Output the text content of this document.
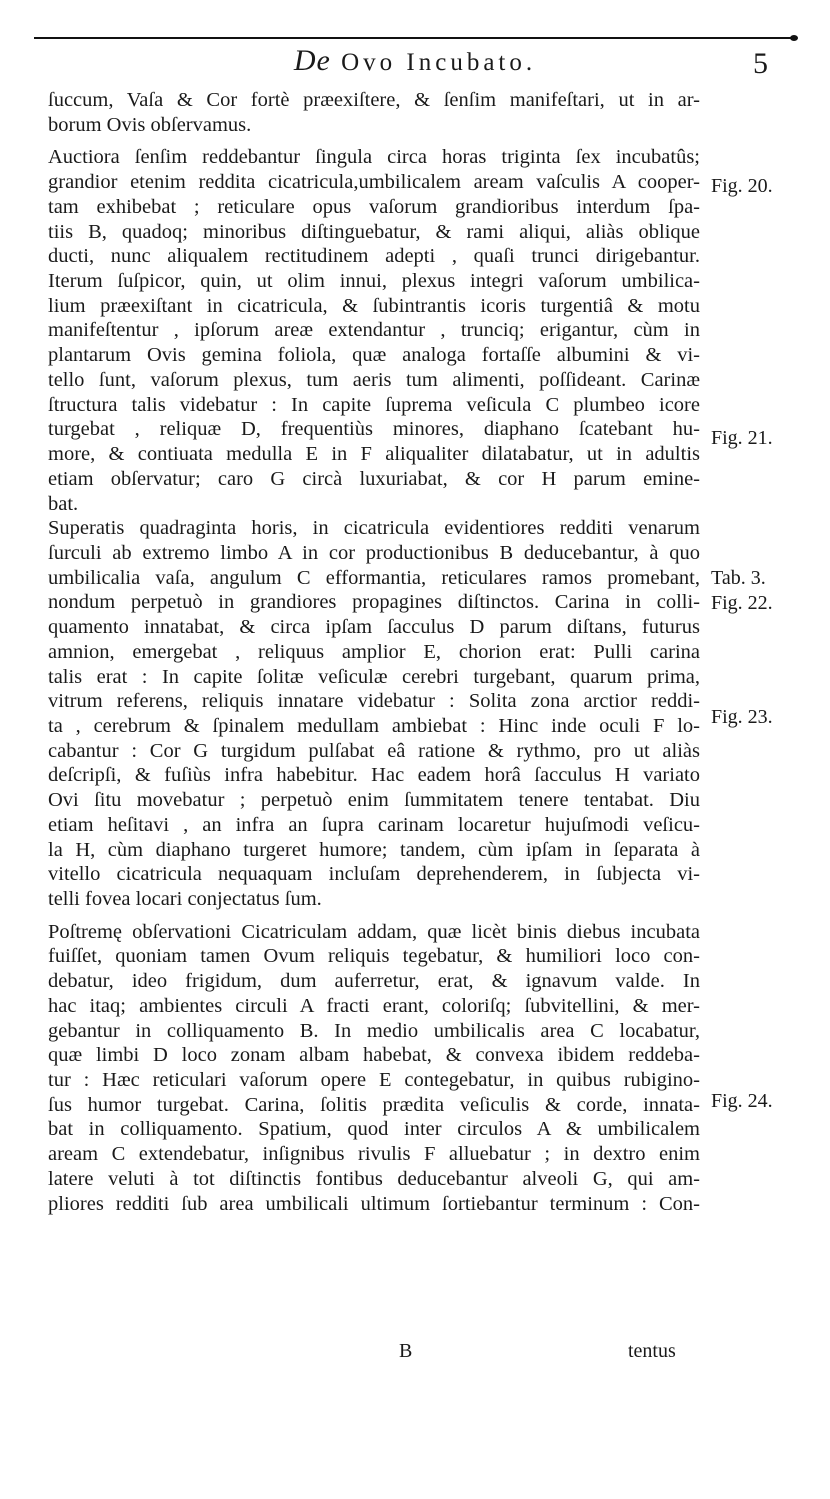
De Ovo Incubato.	5
ſuccum, Vaſa & Cor fortè præexiſtere, & ſenſim manifeſtari, ut in ar-
borum Ovis obſervamus.
Auctiora ſenſim reddebantur ſingula circa horas triginta ſex incubatûs;
grandior etenim reddita cicatricula,umbilicalem aream vaſculis A cooper-
tam exhibebat ; reticulare opus vaſorum grandioribus interdum ſpa-
tiis B, quadoq; minoribus diſtinguebatur, & rami aliqui, aliàs oblique
ducti, nunc aliqualem rectitudinem adepti , quaſi trunci dirigebantur.
Iterum ſuſpicor, quin, ut olim innui, plexus integri vaſorum umbilica-
lium præexiſtant in cicatricula, & ſubintrantis icoris turgentiâ & motu
manifeſtentur , ipſorum areæ extendantur , trunciq; erigantur, cùm in
plantarum Ovis gemina foliola, quæ analoga fortaſſe albumini & vi-
tello ſunt, vaſorum plexus, tum aeris tum alimenti, poſſideant. Carinæ
ſtructura talis videbatur : In capite ſuprema veſicula C plumbeo icore
turgebat , reliquæ D, frequentiùs minores, diaphano ſcatebant hu-
more, & contiuata medulla E in F aliqualiter dilatabatur, ut in adultis
etiam obſervatur; caro G circà luxuriabat, & cor H parum emine-
bat.
Superatis quadraginta horis, in cicatricula evidentiores redditi venarum
ſurculi ab extremo limbo A in cor productionibus B deducebantur, à quo
umbilicalia vaſa, angulum C efformantia, reticulares ramos promebant,
nondum perpetuò in grandiores propagines diſtinctos. Carina in colli-
quamento innatabat, & circa ipſam ſacculus D parum diſtans, futurus
amnion, emergebat , reliquus amplior E, chorion erat: Pulli carina
talis erat : In capite ſolitæ veſiculæ cerebri turgebant, quarum prima,
vitrum referens, reliquis innatare videbatur : Solita zona arctior reddi-
ta , cerebrum & ſpinalem medullam ambiebat : Hinc inde oculi F lo-
cabantur : Cor G turgidum pulſabat eâ ratione & rythmo, pro ut aliàs
deſcripſi, & fuſiùs infra habebitur. Hac eadem horâ ſacculus H variato
Ovi ſitu movebatur ; perpetuò enim ſummitatem tenere tentabat. Diu
etiam heſitavi , an infra an ſupra carinam locaretur hujuſmodi veſicu-
la H, cùm diaphano turgeret humore; tandem, cùm ipſam in ſeparata à
vitello cicatricula nequaquam incluſam deprehenderem, in ſubjecta vi-
telli fovea locari conjectatus ſum.
Poſtremę obſervationi Cicatriculam addam, quæ licèt binis diebus incubata
fuiſſet, quoniam tamen Ovum reliquis tegebatur, & humiliori loco con-
debatur, ideo frigidum, dum auferretur, erat, & ignavum valde. In
hac itaq; ambientes circuli A fracti erant, coloriſq; ſubvitellini, & mer-
gebantur in colliquamento B. In medio umbilicalis area C locabatur,
quæ limbi D loco zonam albam habebat, & convexa ibidem reddeba-
tur : Hæc reticulari vaſorum opere E contegebatur, in quibus rubigino-
ſus humor turgebat. Carina, ſolitis prædita veſiculis & corde, innata-
bat in colliquamento. Spatium, quod inter circulos A & umbilicalem
aream C extendebatur, inſignibus rivulis F alluebatur ; in dextro enim
latere veluti à tot diſtinctis fontibus deducebantur alveoli G, qui am-
pliores redditi ſub area umbilicali ultimum ſortiebantur terminum : Con-
Fig. 20.
Fig. 21.
Tab. 3.
Fig. 22.
Fig. 23.
Fig. 24.
B	tentus
